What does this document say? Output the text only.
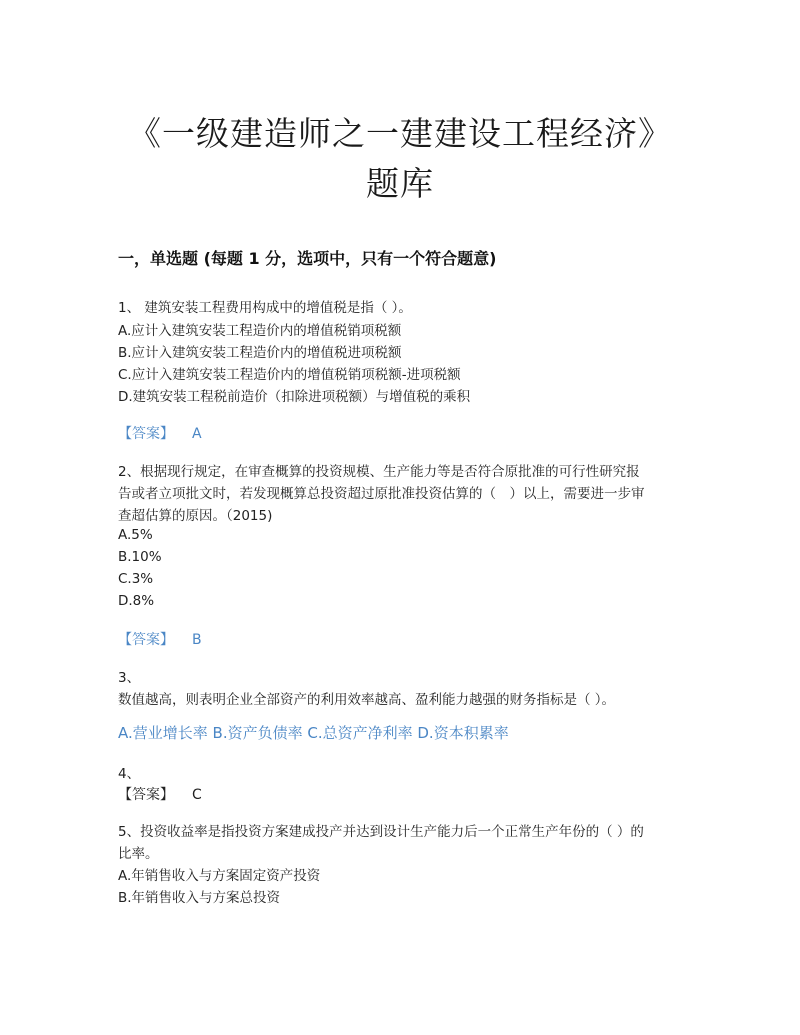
《一级建造师之一建建设工程经济》
题库
一，单选题 (每题 1 分，选项中，只有一个符合题意)
1、 建筑安装工程费用构成中的增值税是指（ ）。
A.应计入建筑安装工程造价内的增值税销项税额
B.应计入建筑安装工程造价内的增值税进项税额
C.应计入建筑安装工程造价内的增值税销项税额-进项税额
D.建筑安装工程税前造价（扣除进项税额）与增值税的乘积
【答案】 A
2、根据现行规定，在审查概算的投资规模、生产能力等是否符合原批准的可行性研究报
告或者立项批文时，若发现概算总投资超过原批准投资估算的（　）以上，需要进一步审
查超估算的原因。（2015)
A.5%
B.10%
C.3%
D.8%
【答案】 B
3、
数值越高，则表明企业全部资产的利用效率越高、盈利能力越强的财务指标是（ ）。
A.营业增长率 B.资产负债率 C.总资产净利率 D.资本积累率
4、
【答案】 C
5、投资收益率是指投资方案建成投产并达到设计生产能力后一个正常生产年份的（ ）的
比率。
A.年销售收入与方案固定资产投资
B.年销售收入与方案总投资
